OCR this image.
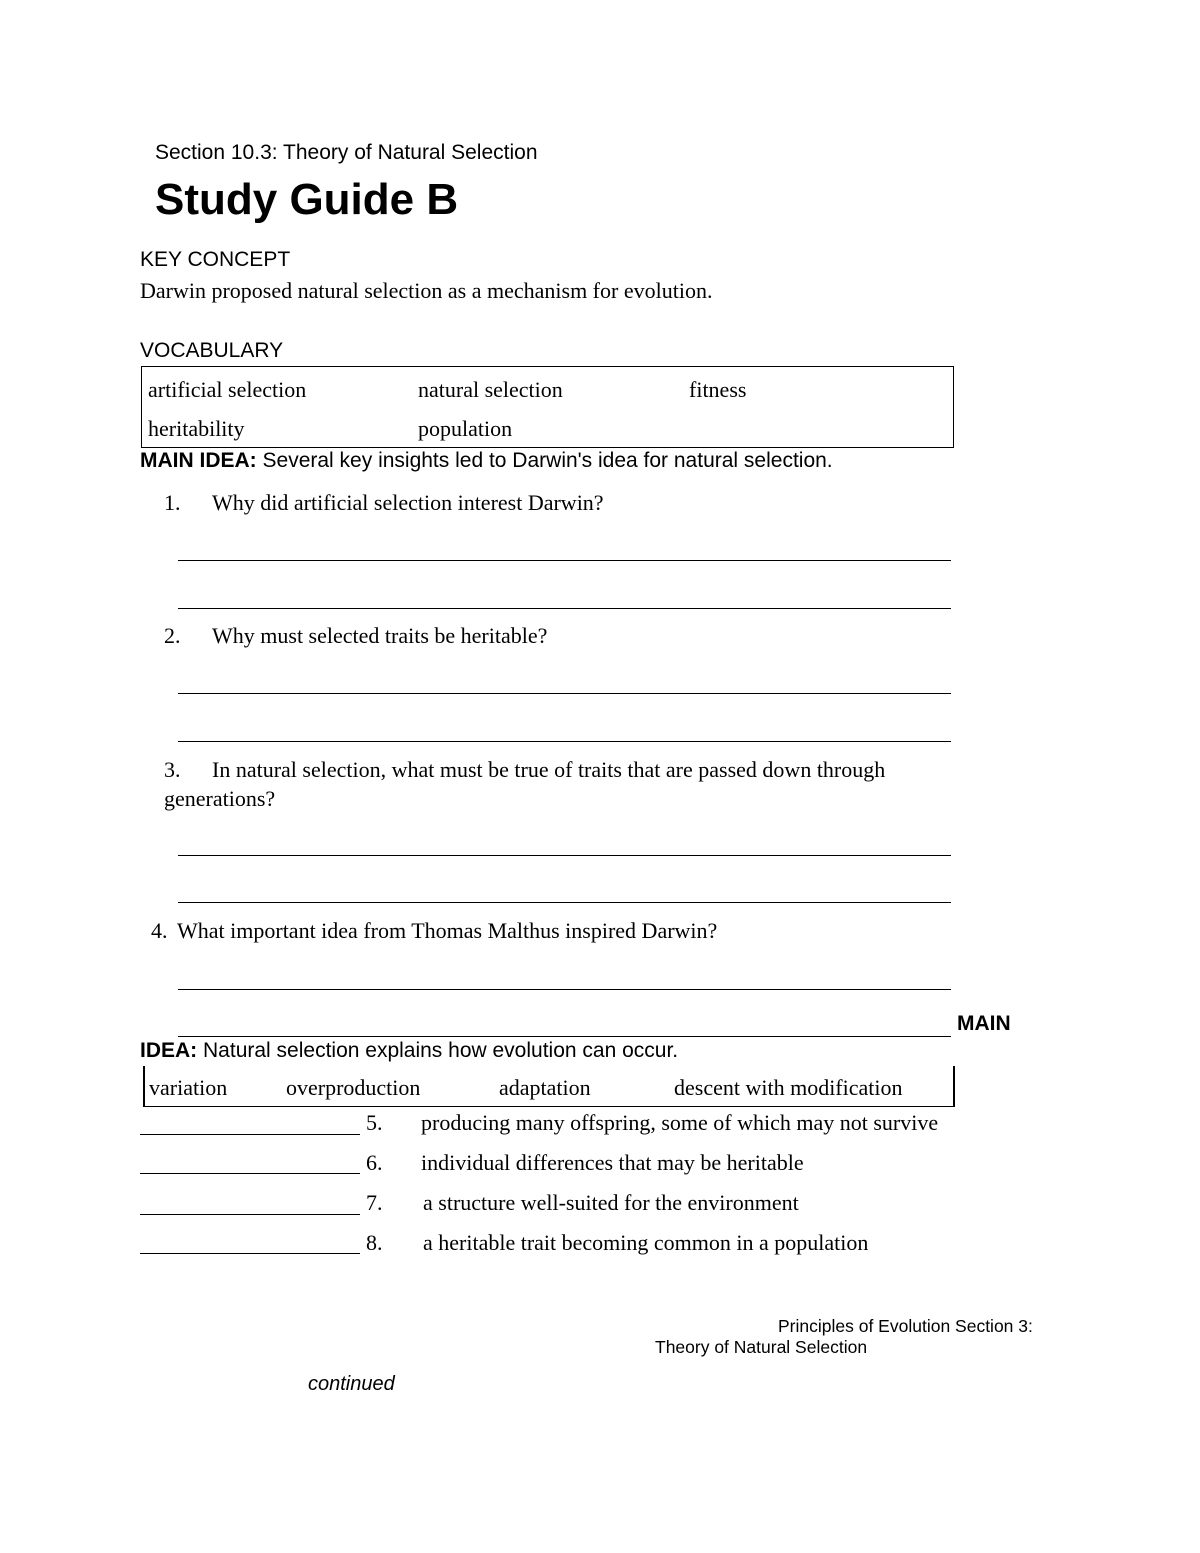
Section 10.3: Theory of Natural Selection
Study Guide B
KEY CONCEPT
Darwin proposed natural selection as a mechanism for evolution.
VOCABULARY
artificial selection	natural selection	fitness
heritability	population
MAIN IDEA: Several key insights led to Darwin's idea for natural selection.
1. Why did artificial selection interest Darwin?
2. Why must selected traits be heritable?
3. In natural selection, what must be true of traits that are passed down through
generations?
4. What important idea from Thomas Malthus inspired Darwin?
MAIN
IDEA: Natural selection explains how evolution can occur.
variation	overproduction	adaptation	descent with modification
5. producing many offspring, some of which may not survive
6. individual differences that may be heritable
7. a structure well-suited for the environment
8. a heritable trait becoming common in a population
Principles of Evolution Section 3:
Theory of Natural Selection
continued
